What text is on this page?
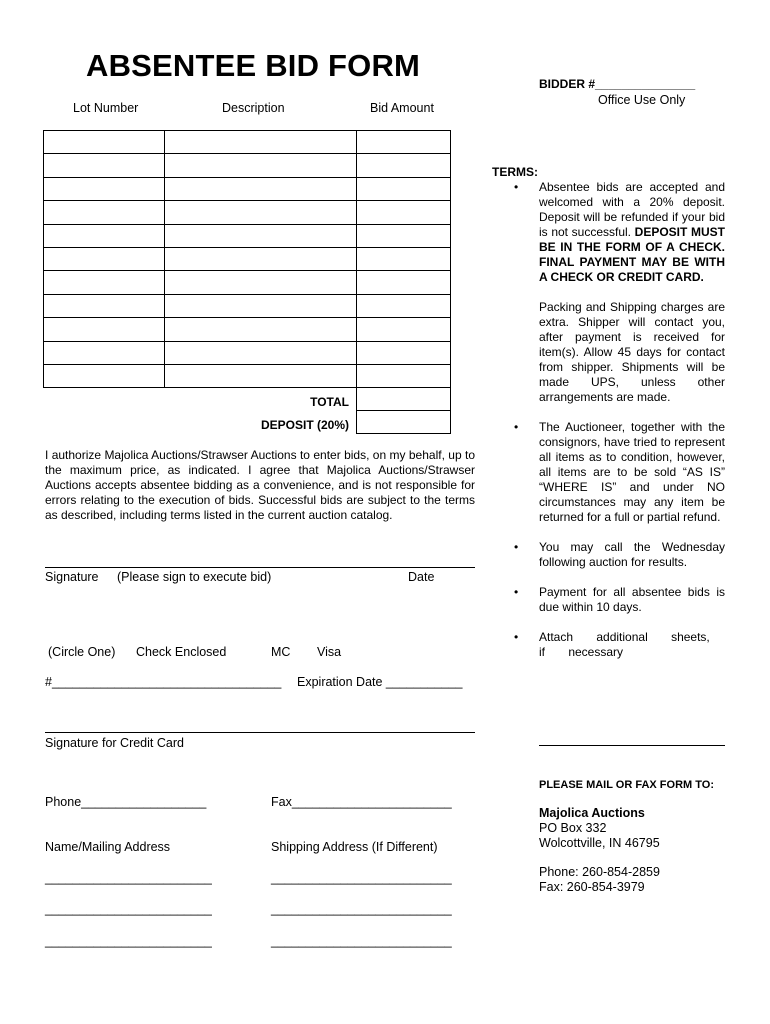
ABSENTEE BID FORM
Lot Number	Description	Bid Amount
BIDDER #_______________
Office Use Only

TOTAL
DEPOSIT (20%)
I authorize Majolica Auctions/Strawser Auctions to enter bids, on my behalf, up to the maximum price, as indicated. I agree that Majolica Auctions/Strawser Auctions accepts absentee bidding as a convenience, and is not responsible for errors relating to the execution of bids. Successful bids are subject to the terms as described, including terms listed in the current auction catalog.
Signature (Please sign to execute bid)	Date
(Circle One) Check Enclosed	MC Visa
#_________________________________ Expiration Date ___________
Signature for Credit Card
Phone__________________	Fax_______________________
Name/Mailing Address	Shipping Address (If Different)
________________________	__________________________
________________________	__________________________
________________________	__________________________
TERMS:
• Absentee bids are accepted and welcomed with a 20% deposit. Deposit will be refunded if your bid is not successful. DEPOSIT MUST BE IN THE FORM OF A CHECK. FINAL PAYMENT MAY BE WITH A CHECK OR CREDIT CARD.
Packing and Shipping charges are extra. Shipper will contact you, after payment is received for item(s). Allow 45 days for contact from shipper. Shipments will be made UPS, unless other arrangements are made.
• The Auctioneer, together with the consignors, have tried to represent all items as to condition, however, all items are to be sold “AS IS” “WHERE IS” and under NO circumstances may any item be returned for a full or partial refund.
• You may call the Wednesday following auction for results.
• Payment for all absentee bids is due within 10 days.
• Attach additional sheets, if necessary
PLEASE MAIL OR FAX FORM TO:
Majolica Auctions
PO Box 332
Wolcottville, IN 46795
Phone: 260-854-2859
Fax: 260-854-3979
